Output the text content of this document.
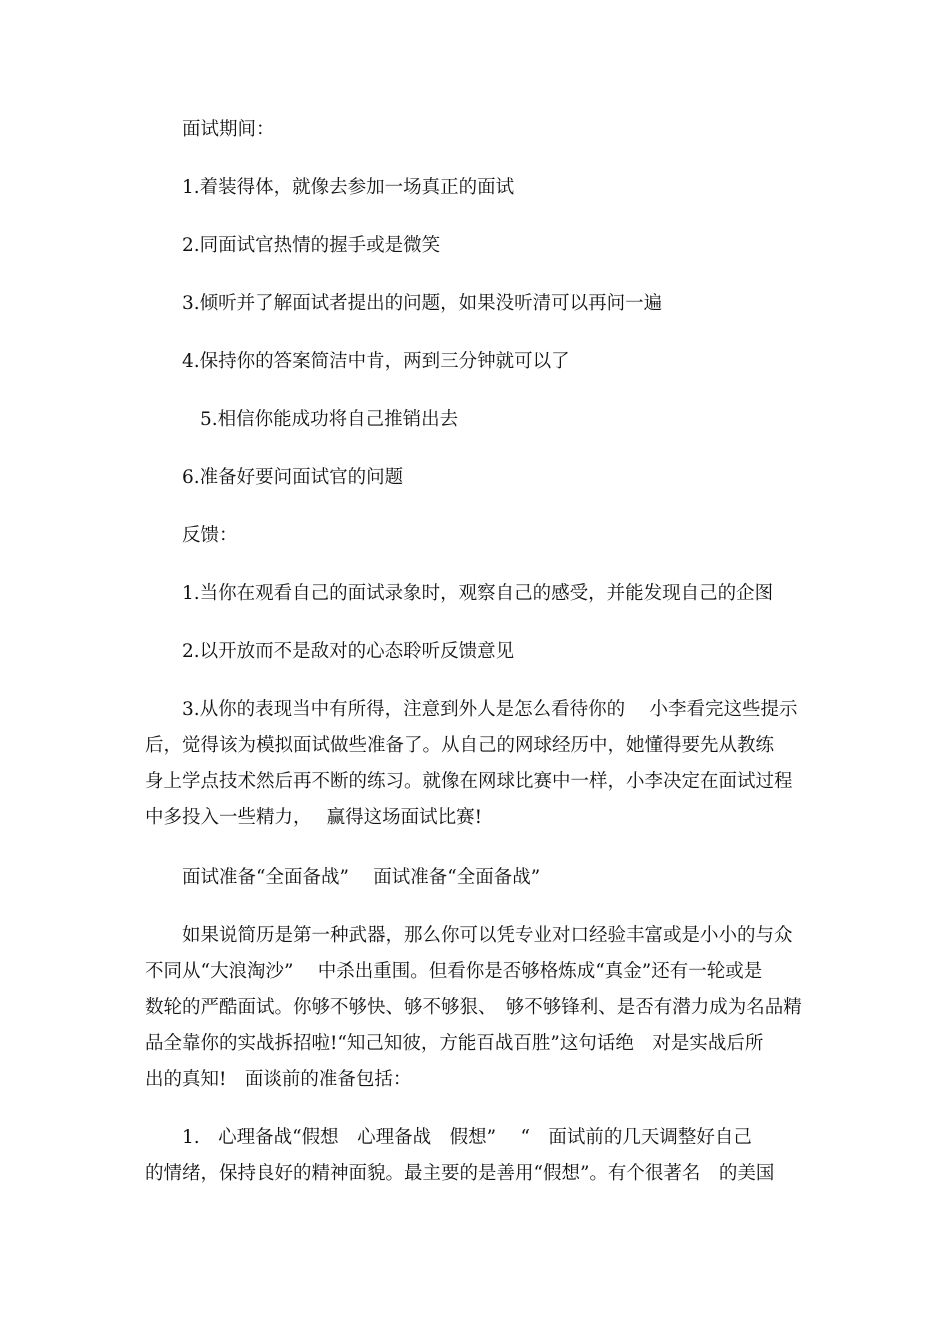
面试期间：
1.着装得体，就像去参加一场真正的面试
2.同面试官热情的握手或是微笑
3.倾听并了解面试者提出的问题，如果没听清可以再问一遍
4.保持你的答案简洁中肯，两到三分钟就可以了
5.相信你能成功将自己推销出去
6.准备好要问面试官的问题
反馈：
1.当你在观看自己的面试录象时，观察自己的感受，并能发现自己的企图
2.以开放而不是敌对的心态聆听反馈意见
3.从你的表现当中有所得，注意到外人是怎么看待你的　 小李看完这些提示
后，觉得该为模拟面试做些准备了。从自己的网球经历中，她懂得要先从教练
身上学点技术然后再不断的练习。就像在网球比赛中一样，小李决定在面试过程
中多投入一些精力，　 赢得这场面试比赛!
面试准备“全面备战”　 面试准备“全面备战”
如果说简历是第一种武器，那么你可以凭专业对口经验丰富或是小小的与众
不同从“大浪淘沙” 　中杀出重围。但看你是否够格炼成“真金”还有一轮或是
数轮的严酷面试。你够不够快、够不够狠、　够不够锋利、是否有潜力成为名品精
品全靠你的实战拆招啦!“知己知彼，方能百战百胜”这句话绝　对是实战后所
出的真知!　面谈前的准备包括：
1.　心理备战“假想　心理备战　假想”　 “　面试前的几天调整好自己
的情绪，保持良好的精神面貌。最主要的是善用“假想”。有个很著名　的美国
